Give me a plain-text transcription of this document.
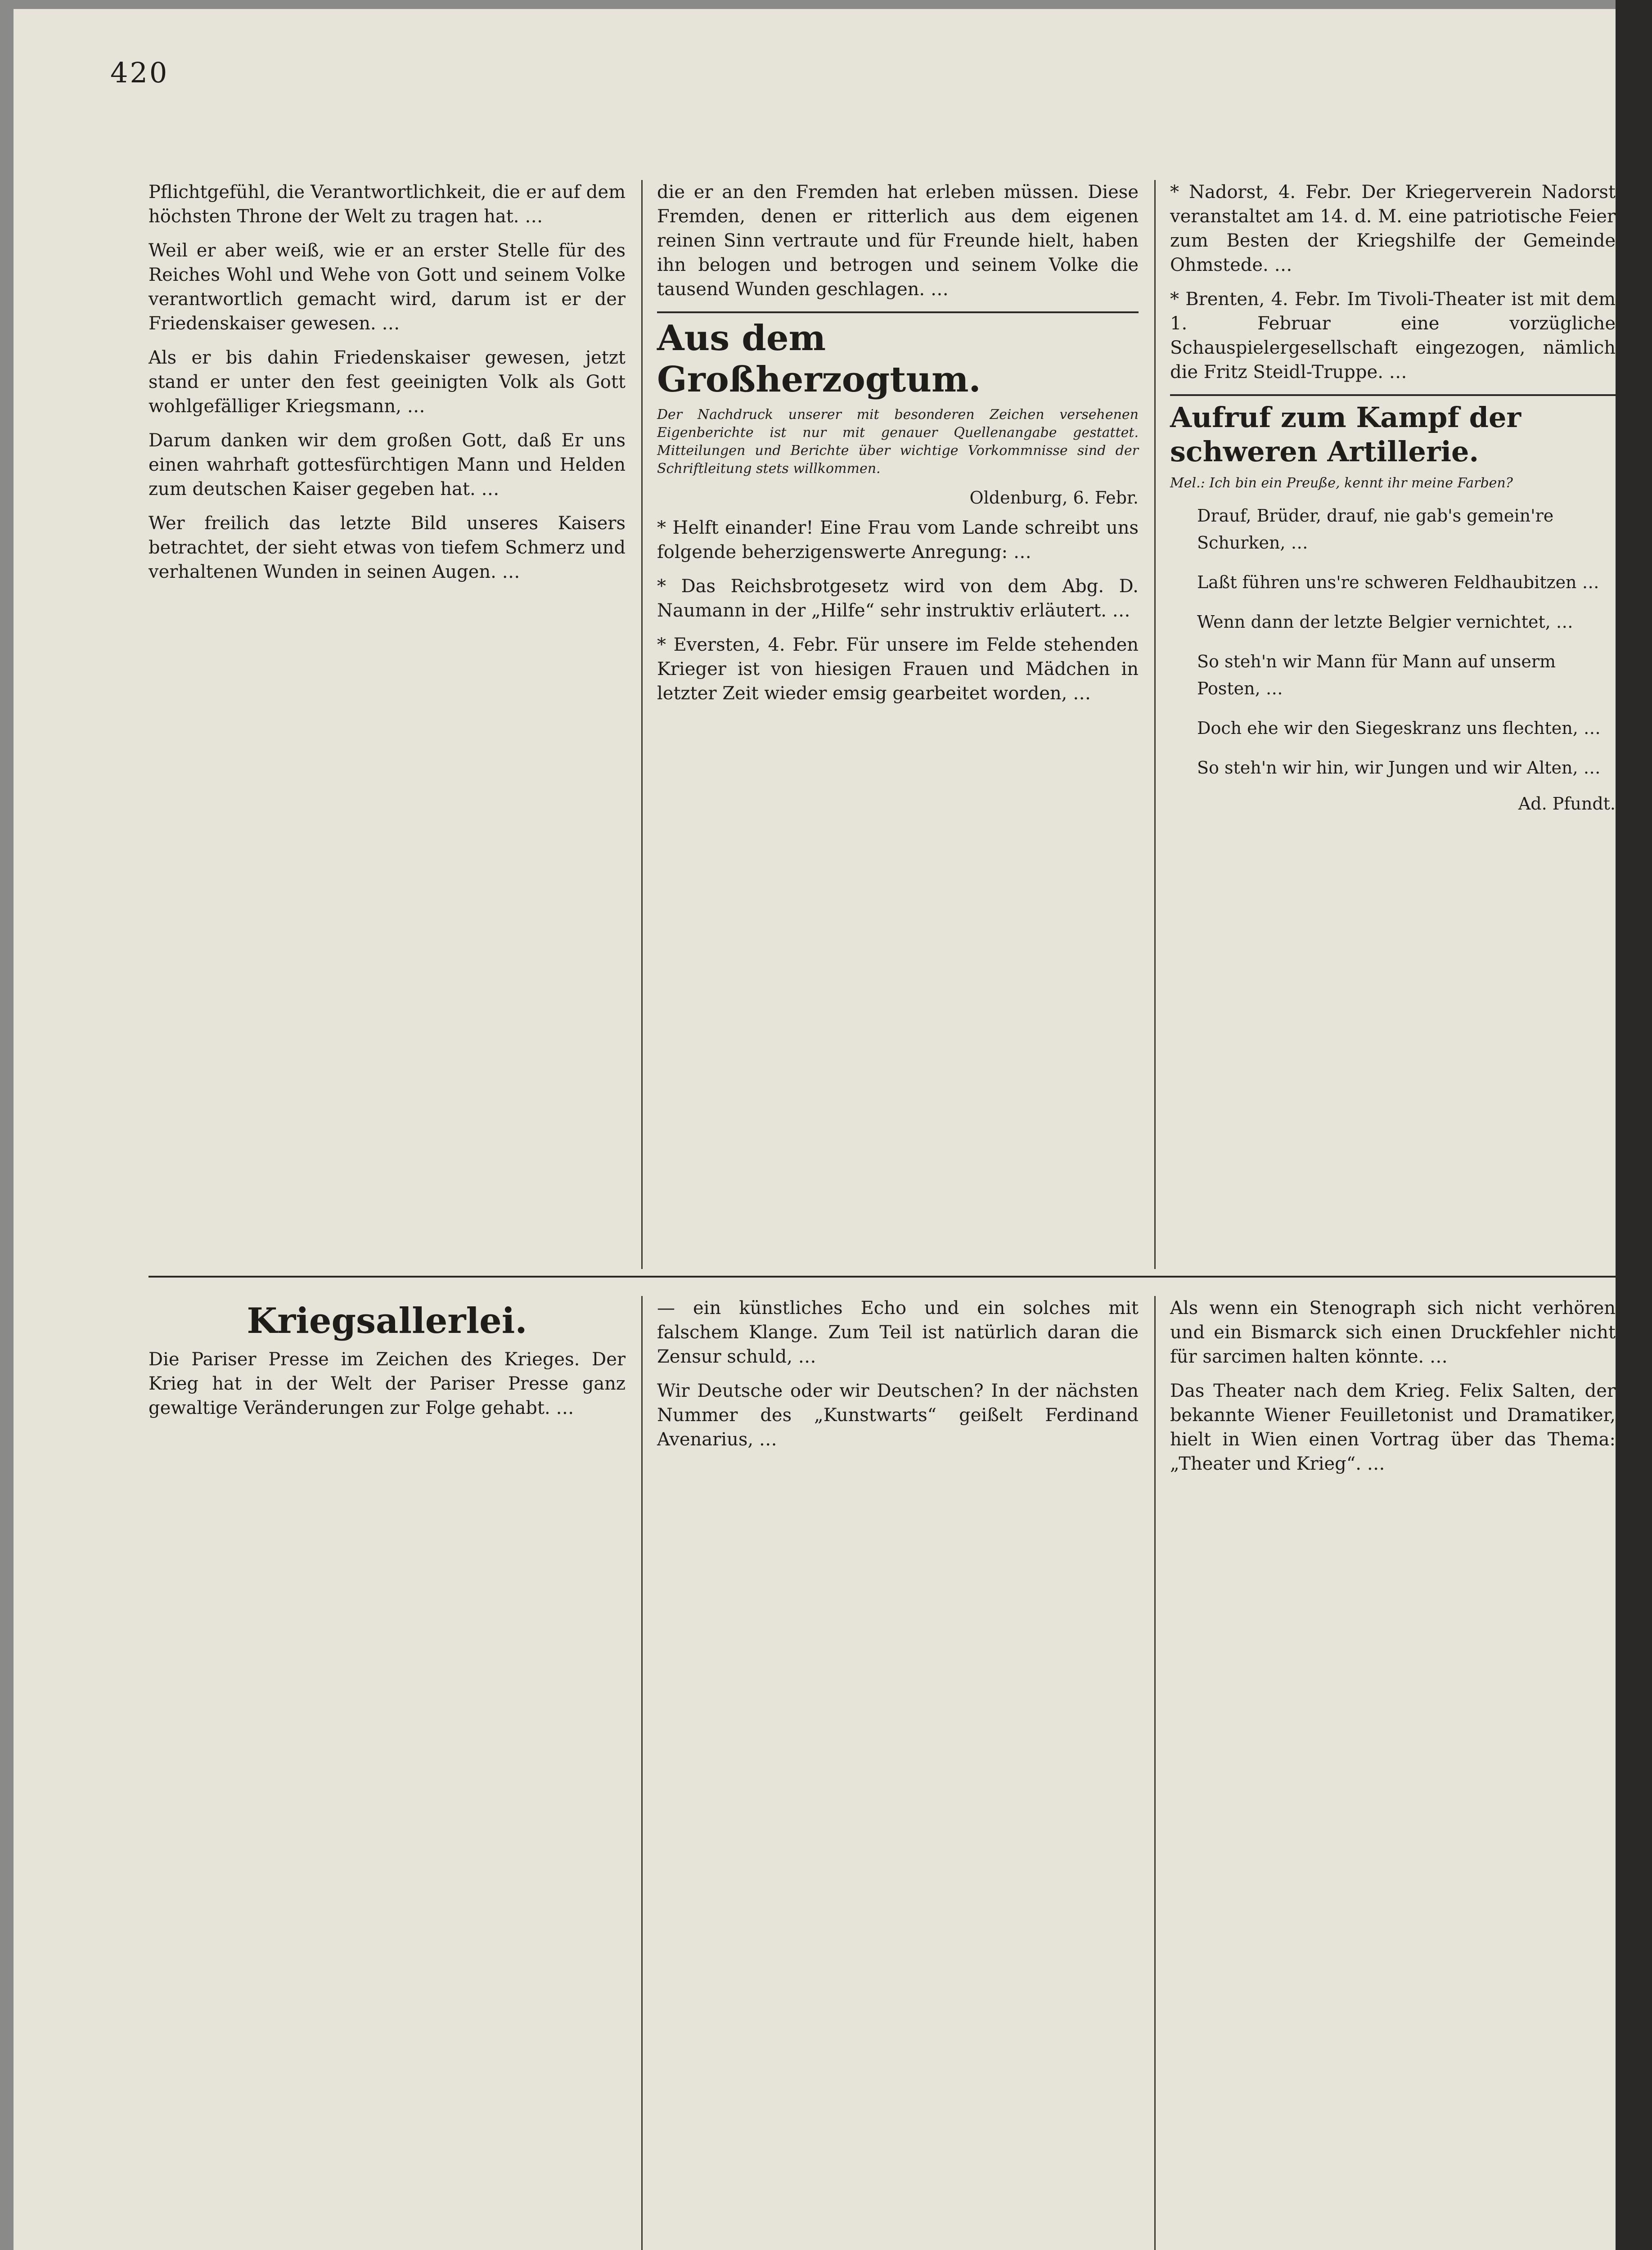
420

Pflichtgefühl, die Verantwortlichkeit, die er auf dem höchsten Throne der Welt zu tragen hat. …

Weil er aber weiß, wie er an erster Stelle für des Reiches Wohl und Wehe von Gott und seinem Volke verantwortlich gemacht wird, darum ist er der Friedenskaiser gewesen. …

Als er bis dahin Friedenskaiser gewesen, jetzt stand er unter den fest geeinigten Volk als Gott wohlgefälliger Kriegsmann, …

Darum danken wir dem großen Gott, daß Er uns einen wahrhaft gottesfürchtigen Mann und Helden zum deutschen Kaiser gegeben hat. …

Wer freilich das letzte Bild unseres Kaisers betrachtet, der sieht etwas von tiefem Schmerz und verhaltenen Wunden in seinen Augen. …

die er an den Fremden hat erleben müssen. Diese Fremden, denen er ritterlich aus dem eigenen reinen Sinn vertraute und für Freunde hielt, haben ihn belogen und betrogen und seinem Volke die tausend Wunden geschlagen. …

Aus dem Großherzogtum.

Der Nachdruck unserer mit besonderen Zeichen versehenen Eigenberichte ist nur mit genauer Quellenangabe gestattet. Mitteilungen und Berichte über wichtige Vorkommnisse sind der Schriftleitung stets willkommen.

Oldenburg, 6. Febr.

* Helft einander! Eine Frau vom Lande schreibt uns folgende beherzigenswerte Anregung: …

* Das Reichsbrotgesetz wird von dem Abg. D. Naumann in der „Hilfe“ sehr instruktiv erläutert. …

* Eversten, 4. Febr. Für unsere im Felde stehenden Krieger ist von hiesigen Frauen und Mädchen in letzter Zeit wieder emsig gearbeitet worden, …

* Nadorst, 4. Febr. Der Kriegerverein Nadorst veranstaltet am 14. d. M. eine patriotische Feier zum Besten der Kriegshilfe der Gemeinde Ohmstede. …

* Brenten, 4. Febr. Im Tivoli-Theater ist mit dem 1. Februar eine vorzügliche Schauspielergesellschaft eingezogen, nämlich die Fritz Steidl-Truppe. …

Aufruf zum Kampf der schweren Artillerie.

Mel.: Ich bin ein Preuße, kennt ihr meine Farben?

Drauf, Brüder, drauf, nie gab's gemein're Schurken, …
Laßt führen uns're schweren Feldhaubitzen …
Wenn dann der letzte Belgier vernichtet, …
So steh'n wir Mann für Mann auf unserm Posten, …
Doch ehe wir den Siegeskranz uns flechten, …
So steh'n wir hin, wir Jungen und wir Alten, …
Ad. Pfundt.
Kriegsallerlei.

Die Pariser Presse im Zeichen des Krieges. Der Krieg hat in der Welt der Pariser Presse ganz gewaltige Veränderungen zur Folge gehabt. …

— ein künstliches Echo und ein solches mit falschem Klange. Zum Teil ist natürlich daran die Zensur schuld, …

Wir Deutsche oder wir Deutschen? In der nächsten Nummer des „Kunstwarts“ geißelt Ferdinand Avenarius, …

Als wenn ein Stenograph sich nicht verhören und ein Bismarck sich einen Druckfehler nicht für sarcimen halten könnte. …

Das Theater nach dem Krieg. Felix Salten, der bekannte Wiener Feuilletonist und Dramatiker, hielt in Wien einen Vortrag über das Thema: „Theater und Krieg“. …
